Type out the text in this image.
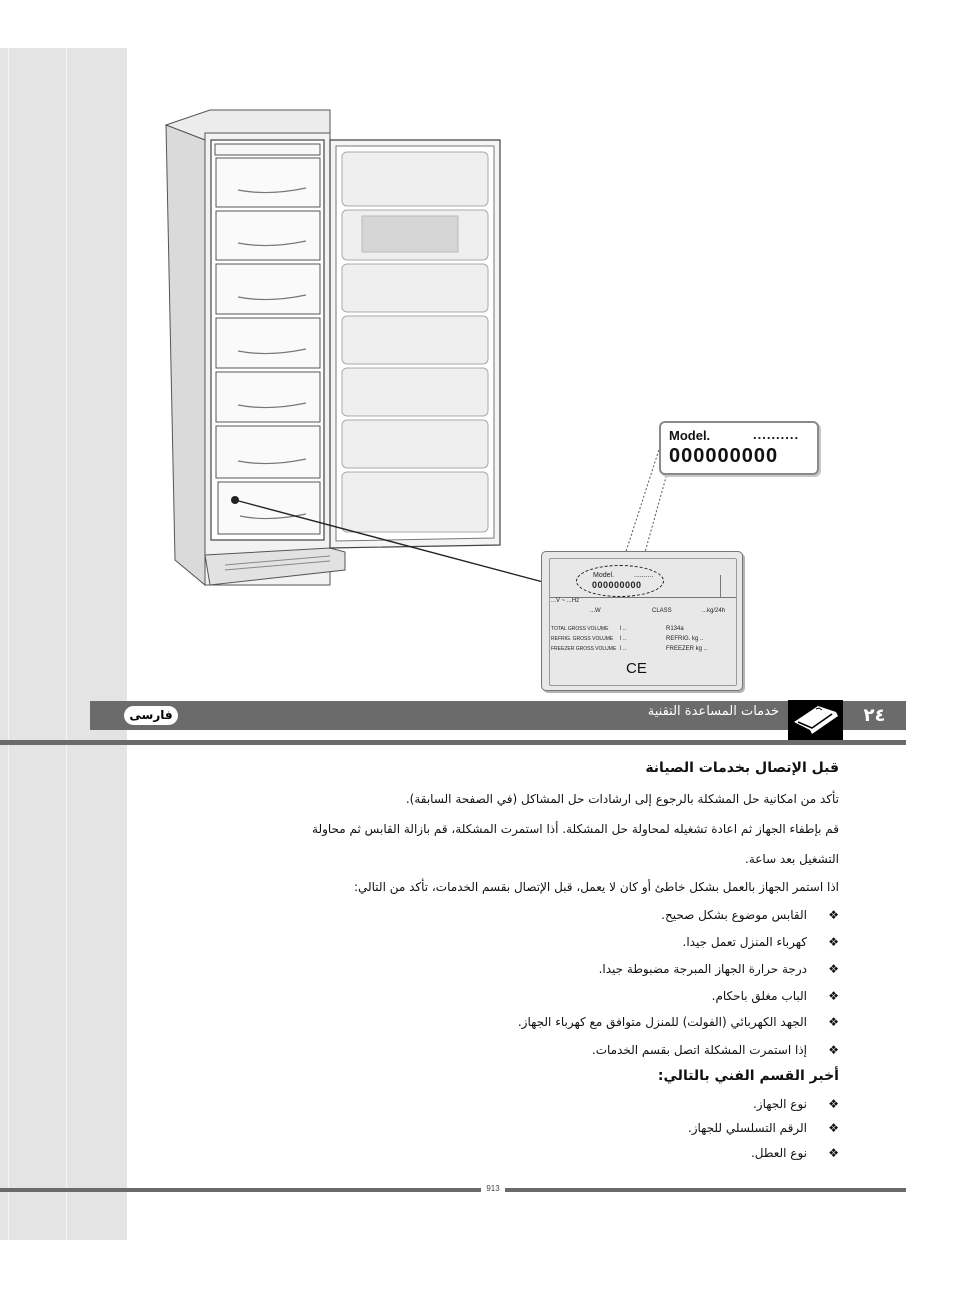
Model.	..........
000000000
Model.	..........
000000000
...V ~ ...Hz
...W	CLASS	...kg/24h
TOTAL GROSS VOLUME l ..	R134a
REFRIG. GROSS VOLUME l ..	REFRIG. kg ..
FREEZER GROSS VOLUME l ..	FREEZER kg ..
CE
فارسى	خدمات المساعدة التقنية	٢٤
قبل الإتصال بخدمات الصيانة
تأكد من امكانية حل المشكلة بالرجوع إلى ارشادات حل المشاكل (في الصفحة السابقة).
قم بإطفاء الجهاز ثم اعادة تشغيله لمحاولة حل المشكلة. أذا استمرت المشكلة، قم بازالة القابس ثم محاولة
التشغيل بعد ساعة.
اذا استمر الجهاز بالعمل بشكل خاطئ أو كان لا يعمل، قبل الإتصال بقسم الخدمات، تأكد من التالي:
❖القابس موضوع بشكل صحيح.
❖كهرباء المنزل تعمل جيدا.
❖درجة حرارة الجهاز المبرجة مضبوطة جيدا.
❖الباب مغلق باحكام.
❖الجهد الكهربائي (الفولت) للمنزل متوافق مع كهرباء الجهاز.
❖إذا استمرت المشكلة اتصل بقسم الخدمات.
أخبر القسم الفني بالتالي:
❖نوع الجهاز.
❖الرقم التسلسلي للجهاز.
❖نوع العطل.
913
